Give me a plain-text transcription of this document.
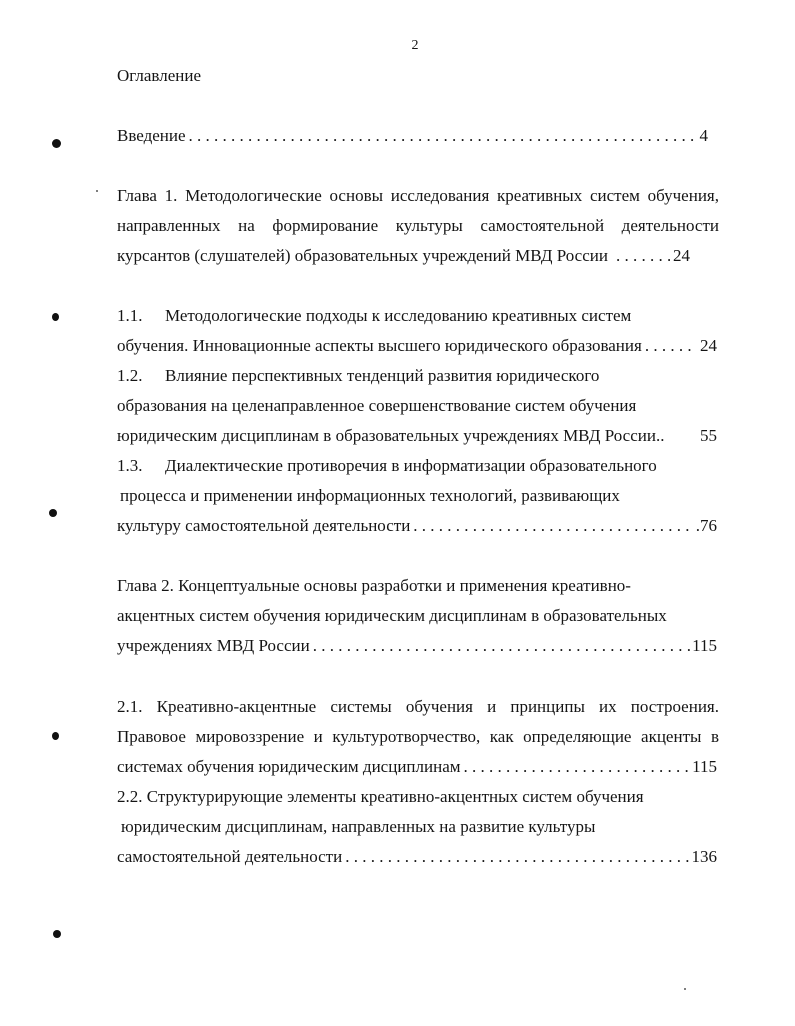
2
Оглавление
Введение . . .	4
Глава 1. Методологические основы исследования креативных систем обучения,
направленных на формирование культуры самостоятельной деятельности
курсантов (слушателей) образовательных учреждений МВД России . . .	24
1.1. Методологические подходы к исследованию креативных систем
обучения. Инновационные аспекты высшего юридического образования . . .	24
1.2. Влияние перспективных тенденций развития юридического
образования на целенаправленное совершенствование систем обучения
юридическим дисциплинам в образовательных учреждениях МВД России.. 55
1.3. Диалектические противоречия в информатизации образовательного
процесса и применении информационных технологий, развивающих
культуру самостоятельной деятельности . . .	.76
Глава 2. Концептуальные основы разработки и применения креативно-
акцентных систем обучения юридическим дисциплинам в образовательных
учреждениях МВД России . . .	115
2.1. Креативно-акцентные системы обучения и принципы их построения.
Правовое мировоззрение и культуротворчество, как определяющие акценты в
системах обучения юридическим дисциплинам . . .	115
2.2. Структурирующие элементы креативно-акцентных систем обучения
юридическим дисциплинам, направленных на развитие культуры
самостоятельной деятельности . . .	136
